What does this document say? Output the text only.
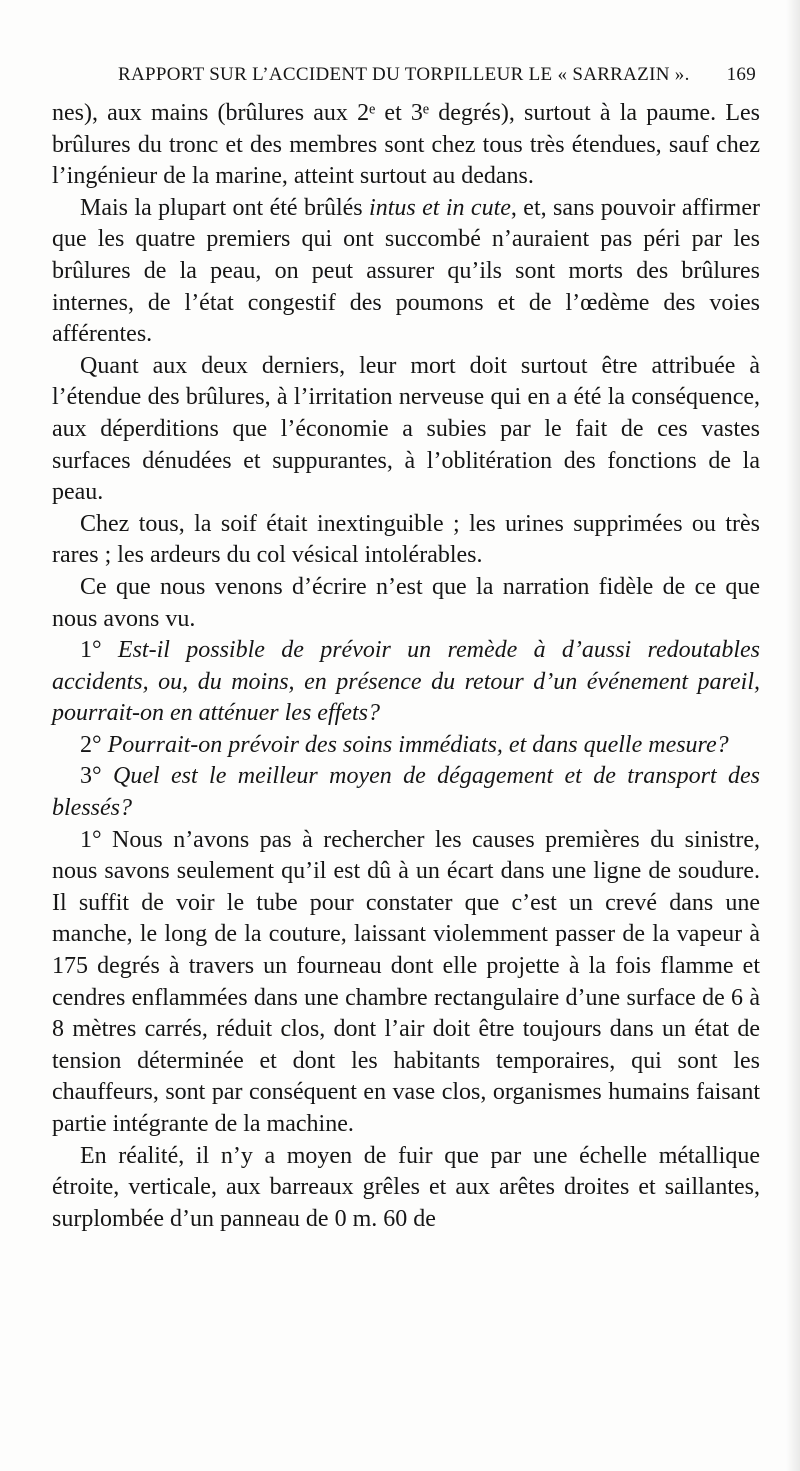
RAPPORT SUR L’ACCIDENT DU TORPILLEUR LE « SARRAZIN ». 169

nes), aux mains (brûlures aux 2ᵉ et 3ᵉ degrés), surtout à la paume. Les brûlures du tronc et des membres sont chez tous très étendues, sauf chez l’ingénieur de la marine, atteint surtout au dedans.

Mais la plupart ont été brûlés intus et in cute, et, sans pouvoir affirmer que les quatre premiers qui ont succombé n’auraient pas péri par les brûlures de la peau, on peut assurer qu’ils sont morts des brûlures internes, de l’état congestif des poumons et de l’œdème des voies afférentes.

Quant aux deux derniers, leur mort doit surtout être attribuée à l’étendue des brûlures, à l’irritation nerveuse qui en a été la conséquence, aux déperditions que l’économie a subies par le fait de ces vastes surfaces dénudées et suppurantes, à l’oblitération des fonctions de la peau.

Chez tous, la soif était inextinguible ; les urines supprimées ou très rares ; les ardeurs du col vésical intolérables.

Ce que nous venons d’écrire n’est que la narration fidèle de ce que nous avons vu.

1° Est-il possible de prévoir un remède à d’aussi redoutables accidents, ou, du moins, en présence du retour d’un événement pareil, pourrait-on en atténuer les effets?

2° Pourrait-on prévoir des soins immédiats, et dans quelle mesure?

3° Quel est le meilleur moyen de dégagement et de transport des blessés?

1° Nous n’avons pas à rechercher les causes premières du sinistre, nous savons seulement qu’il est dû à un écart dans une ligne de soudure. Il suffit de voir le tube pour constater que c’est un crevé dans une manche, le long de la couture, laissant violemment passer de la vapeur à 175 degrés à travers un fourneau dont elle projette à la fois flamme et cendres enflammées dans une chambre rectangulaire d’une surface de 6 à 8 mètres carrés, réduit clos, dont l’air doit être toujours dans un état de tension déterminée et dont les habitants temporaires, qui sont les chauffeurs, sont par conséquent en vase clos, organismes humains faisant partie intégrante de la machine.

En réalité, il n’y a moyen de fuir que par une échelle métallique étroite, verticale, aux barreaux grêles et aux arêtes droites et saillantes, surplombée d’un panneau de 0 m. 60 de
